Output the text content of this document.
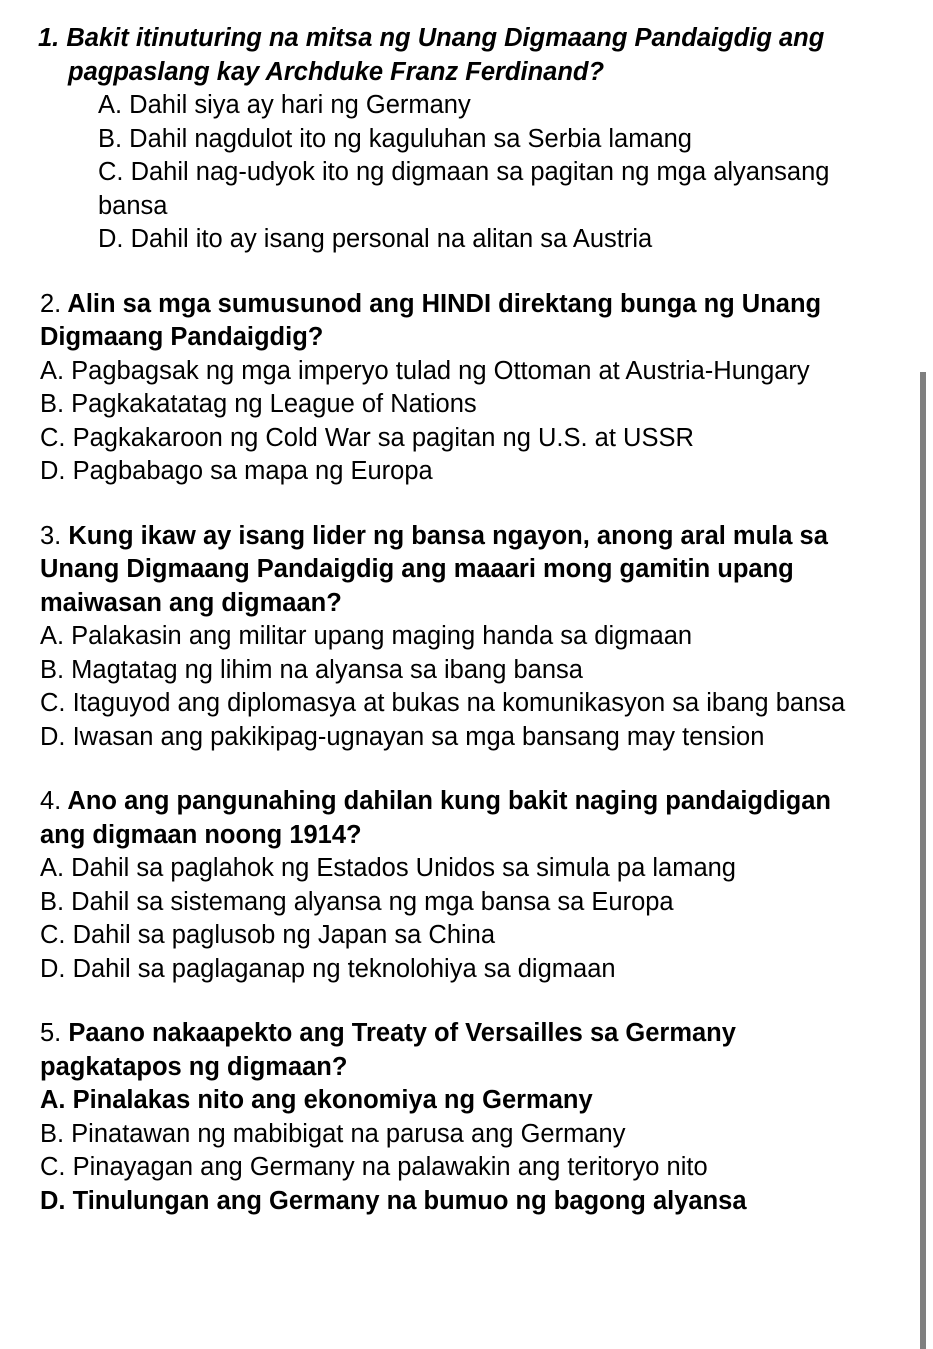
1. Bakit itinuturing na mitsa ng Unang Digmaang Pandaigdig ang pagpaslang kay Archduke Franz Ferdinand?

A. Dahil siya ay hari ng Germany
B. Dahil nagdulot ito ng kaguluhan sa Serbia lamang
C. Dahil nag-udyok ito ng digmaan sa pagitan ng mga alyansang bansa
D. Dahil ito ay isang personal na alitan sa Austria

2. Alin sa mga sumusunod ang HINDI direktang bunga ng Unang Digmaang Pandaigdig?

A. Pagbagsak ng mga imperyo tulad ng Ottoman at Austria-Hungary
B. Pagkakatatag ng League of Nations
C. Pagkakaroon ng Cold War sa pagitan ng U.S. at USSR
D. Pagbabago sa mapa ng Europa

3. Kung ikaw ay isang lider ng bansa ngayon, anong aral mula sa Unang Digmaang Pandaigdig ang maaari mong gamitin upang maiwasan ang digmaan?

A. Palakasin ang militar upang maging handa sa digmaan
B. Magtatag ng lihim na alyansa sa ibang bansa
C. Itaguyod ang diplomasya at bukas na komunikasyon sa ibang bansa
D. Iwasan ang pakikipag-ugnayan sa mga bansang may tension

4. Ano ang pangunahing dahilan kung bakit naging pandaigdigan ang digmaan noong 1914?

A. Dahil sa paglahok ng Estados Unidos sa simula pa lamang
B. Dahil sa sistemang alyansa ng mga bansa sa Europa
C. Dahil sa paglusob ng Japan sa China
D. Dahil sa paglaganap ng teknolohiya sa digmaan

5. Paano nakaapekto ang Treaty of Versailles sa Germany pagkatapos ng digmaan?

A. Pinalakas nito ang ekonomiya ng Germany
B. Pinatawan ng mabibigat na parusa ang Germany
C. Pinayagan ang Germany na palawakin ang teritoryo nito
D. Tinulungan ang Germany na bumuo ng bagong alyansa
